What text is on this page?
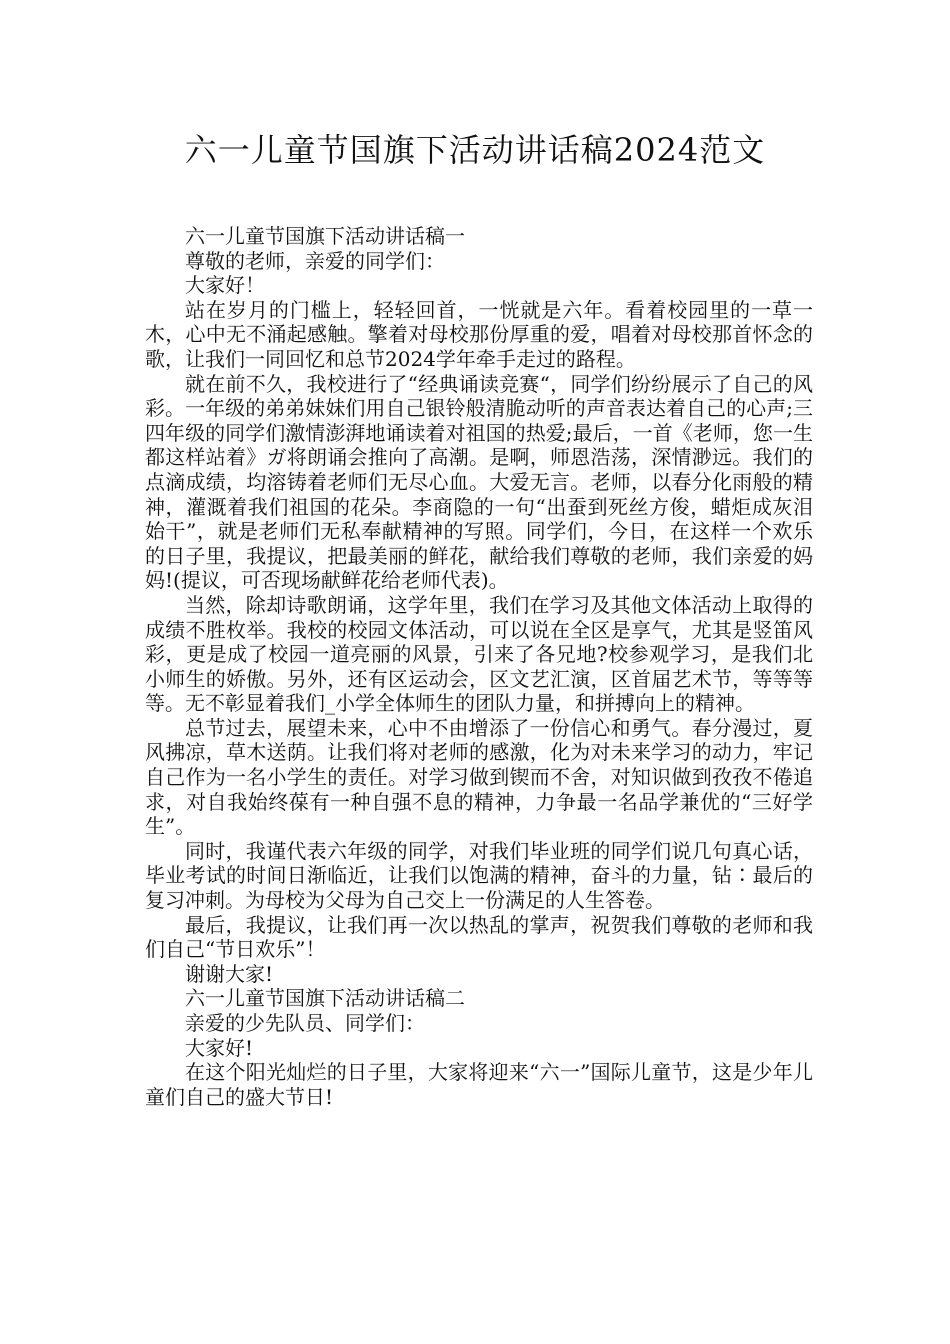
六一儿童节国旗下活动讲话稿2024范文

六一儿童节国旗下活动讲话稿一

尊敬的老师，亲爱的同学们：

大家好！

站在岁月的门槛上，轻轻回首，一恍就是六年。看着校园里的一草一木，心中无不涌起感触。擎着对母校那份厚重的爱，唱着对母校那首怀念的歌，让我们一同回忆和总节2024学年牵手走过的路程。

就在前不久，我校进行了“经典诵读竞赛“，同学们纷纷展示了自己的风彩。一年级的弟弟妹妹们用自己银铃般清脆动听的声音表达着自己的心声;三四年级的同学们激情澎湃地诵读着对祖国的热爱;最后，一首《老师，您一生都这样站着》ガ将朗诵会推向了高潮。是啊，师恩浩荡，深情渺远。我们的点滴成绩，均溶铸着老师们无尽心血。大爱无言。老师，以春分化雨般的精神，灌溉着我们祖国的花朵。李商隐的一句“出蚕到死丝方俊，蜡炬成灰泪始干”，就是老师们无私奉献精神的写照。同学们，今日，在这样一个欢乐的日子里，我提议，把最美丽的鲜花，献给我们尊敬的老师，我们亲爱的妈妈!(提议，可否现场献鲜花给老师代表)。

当然，除却诗歌朗诵，这学年里，我们在学习及其他文体活动上取得的成绩不胜枚举。我校的校园文体活动，可以说在全区是享气，尤其是竖笛风彩，更是成了校园一道亮丽的风景，引来了各兄地?校参观学习，是我们北小师生的娇傲。另外，还有区运动会，区文艺汇演，区首届艺术节，等等等等。无不彰显着我们_小学全体师生的团队力量，和拼搏向上的精神。

总节过去，展望未来，心中不由增添了一份信心和勇气。春分漫过，夏风拂凉，草木送荫。让我们将对老师的感激，化为对未来学习的动力，牢记自己作为一名小学生的责任。对学习做到锲而不舍，对知识做到孜孜不倦追求，对自我始终葆有一种自强不息的精神，力争最一名品学兼优的“三好学生”。

同时，我谨代表六年级的同学，对我们毕业班的同学们说几句真心话，毕业考试的时间日渐临近，让我们以饱满的精神，奋斗的力量，钻∶最后的复习冲刺。为母校为父母为自己交上一份满足的人生答卷。

最后，我提议，让我们再一次以热乱的掌声，祝贺我们尊敬的老师和我们自己“节日欢乐”！

谢谢大家!

六一儿童节国旗下活动讲话稿二

亲爱的少先队员、同学们：

大家好!

在这个阳光灿烂的日子里，大家将迎来“六一”国际儿童节，这是少年儿童们自己的盛大节日!
